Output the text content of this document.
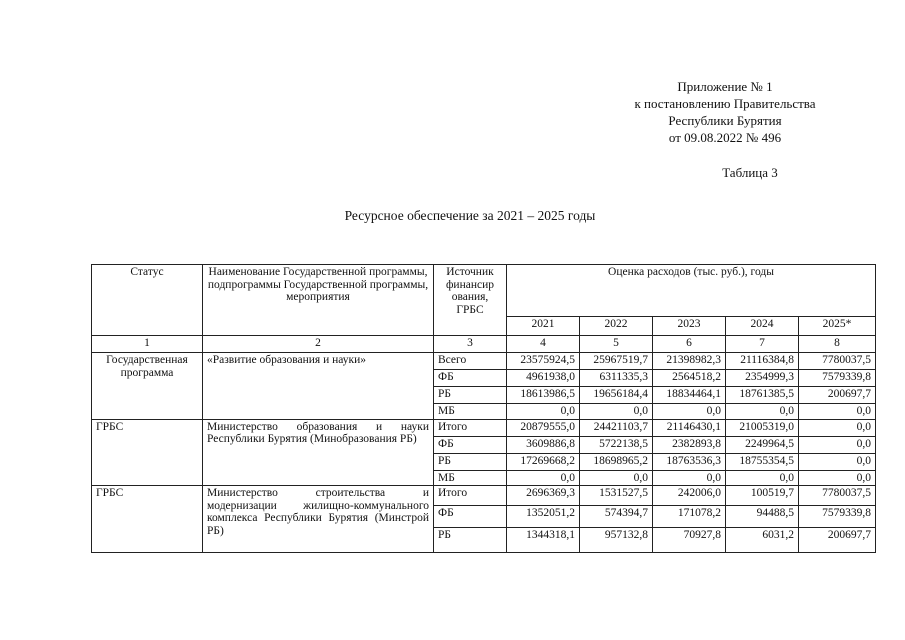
Приложение № 1
к постановлению Правительства
Республики Бурятия
от 09.08.2022 № 496
Таблица 3
Ресурсное обеспечение за 2021 – 2025 годы
Статус	Наименование Государственной программы, подпрограммы Государственной программы, мероприятия	Источник финансир ования, ГРБС	Оценка расходов (тыс. руб.), годы				
			2021	2022	2023	2024	2025*
1	2	3	4	5	6	7	8
Государственная программа	«Развитие образования и науки»	Всего	23575924,5	25967519,7	21398982,3	21116384,8	7780037,5
		ФБ	4961938,0	6311335,3	2564518,2	2354999,3	7579339,8
		РБ	18613986,5	19656184,4	18834464,1	18761385,5	200697,7
		МБ	0,0	0,0	0,0	0,0	0,0
ГРБС	Министерство образования и науки Республики Бурятия (Минобразования РБ)	Итого	20879555,0	24421103,7	21146430,1	21005319,0	0,0
		ФБ	3609886,8	5722138,5	2382893,8	2249964,5	0,0
		РБ	17269668,2	18698965,2	18763536,3	18755354,5	0,0
		МБ	0,0	0,0	0,0	0,0	0,0
ГРБС	Министерство строительства и модернизации жилищно-коммунального комплекса Республики Бурятия (Минстрой РБ)	Итого	2696369,3	1531527,5	242006,0	100519,7	7780037,5
		ФБ	1352051,2	574394,7	171078,2	94488,5	7579339,8
		РБ	1344318,1	957132,8	70927,8	6031,2	200697,7
